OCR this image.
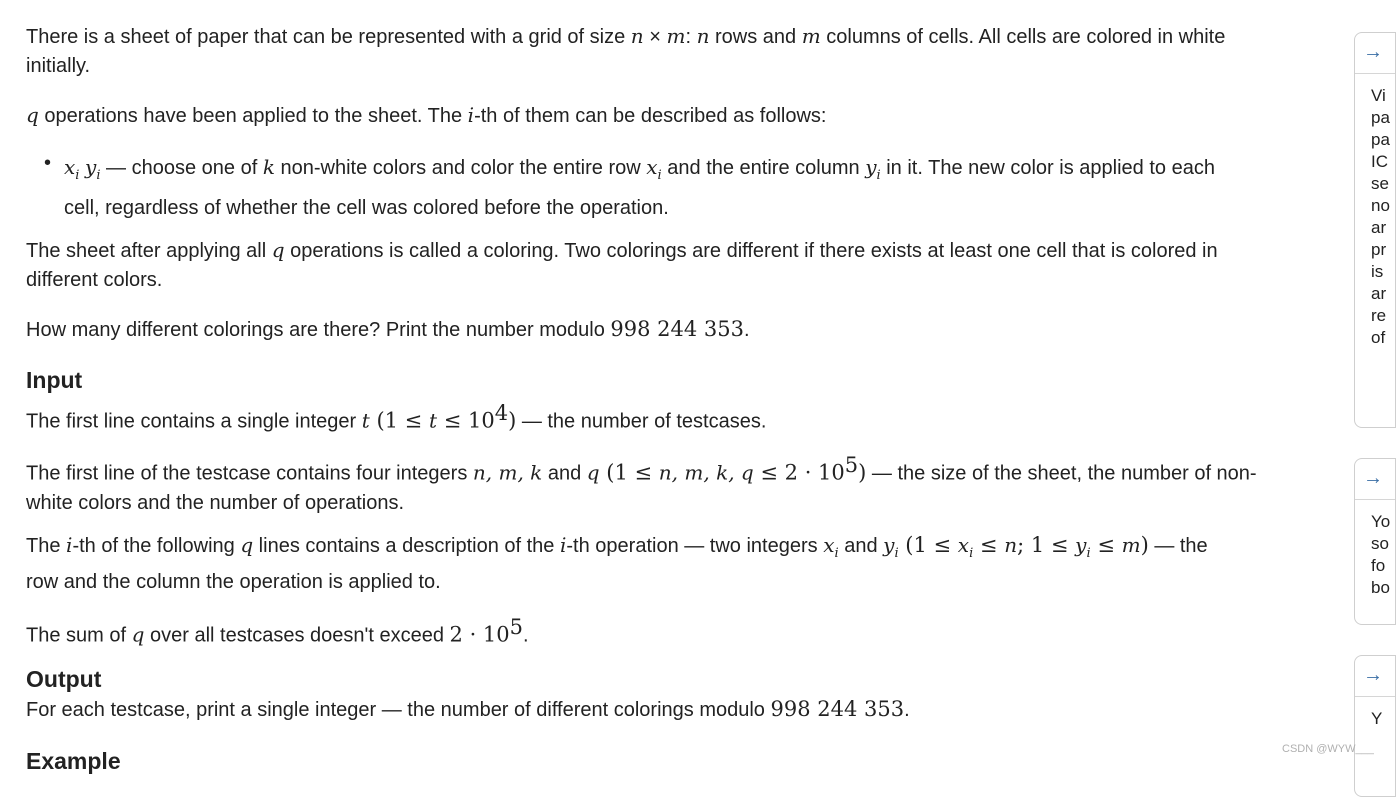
There is a sheet of paper that can be represented with a grid of size n × m: n rows and m columns of cells. All cells are colored in white
initially.
q operations have been applied to the sheet. The i-th of them can be described as follows:
• $x_i$ $y_i$ — choose one of k non-white colors and color the entire row $x_i$ and the entire column $y_i$ in it. The new color is applied to each
cell, regardless of whether the cell was colored before the operation.
The sheet after applying all q operations is called a coloring. Two colorings are different if there exists at least one cell that is colored in
different colors.
How many different colorings are there? Print the number modulo 998 244 353.
Input
The first line contains a single integer t $(1 \le t \le 10^4)$ — the number of testcases.
The first line of the testcase contains four integers n, m, k and q (1 ≤ n, m, k, $q \le 2 \cdot 10^5$) — the size of the sheet, the number of non-
white colors and the number of operations.
The i-th of the following q lines contains a description of the i-th operation — two integers $x_i$ and $y_i$ ($1 \le x_i \le n$; $1 \le y_i \le m$) — the
row and the column the operation is applied to.
The sum of q over all testcases doesn't exceed $2 \cdot 10^5$.
Output
For each testcase, print a single integer — the number of different colorings modulo 998 244 353.
Example
→
Vi
pa
pa
IC
se
no
ar
pr
is
ar
re
of
→
Yo
so
fo
bo
→
Y
CSDN @WYW___
